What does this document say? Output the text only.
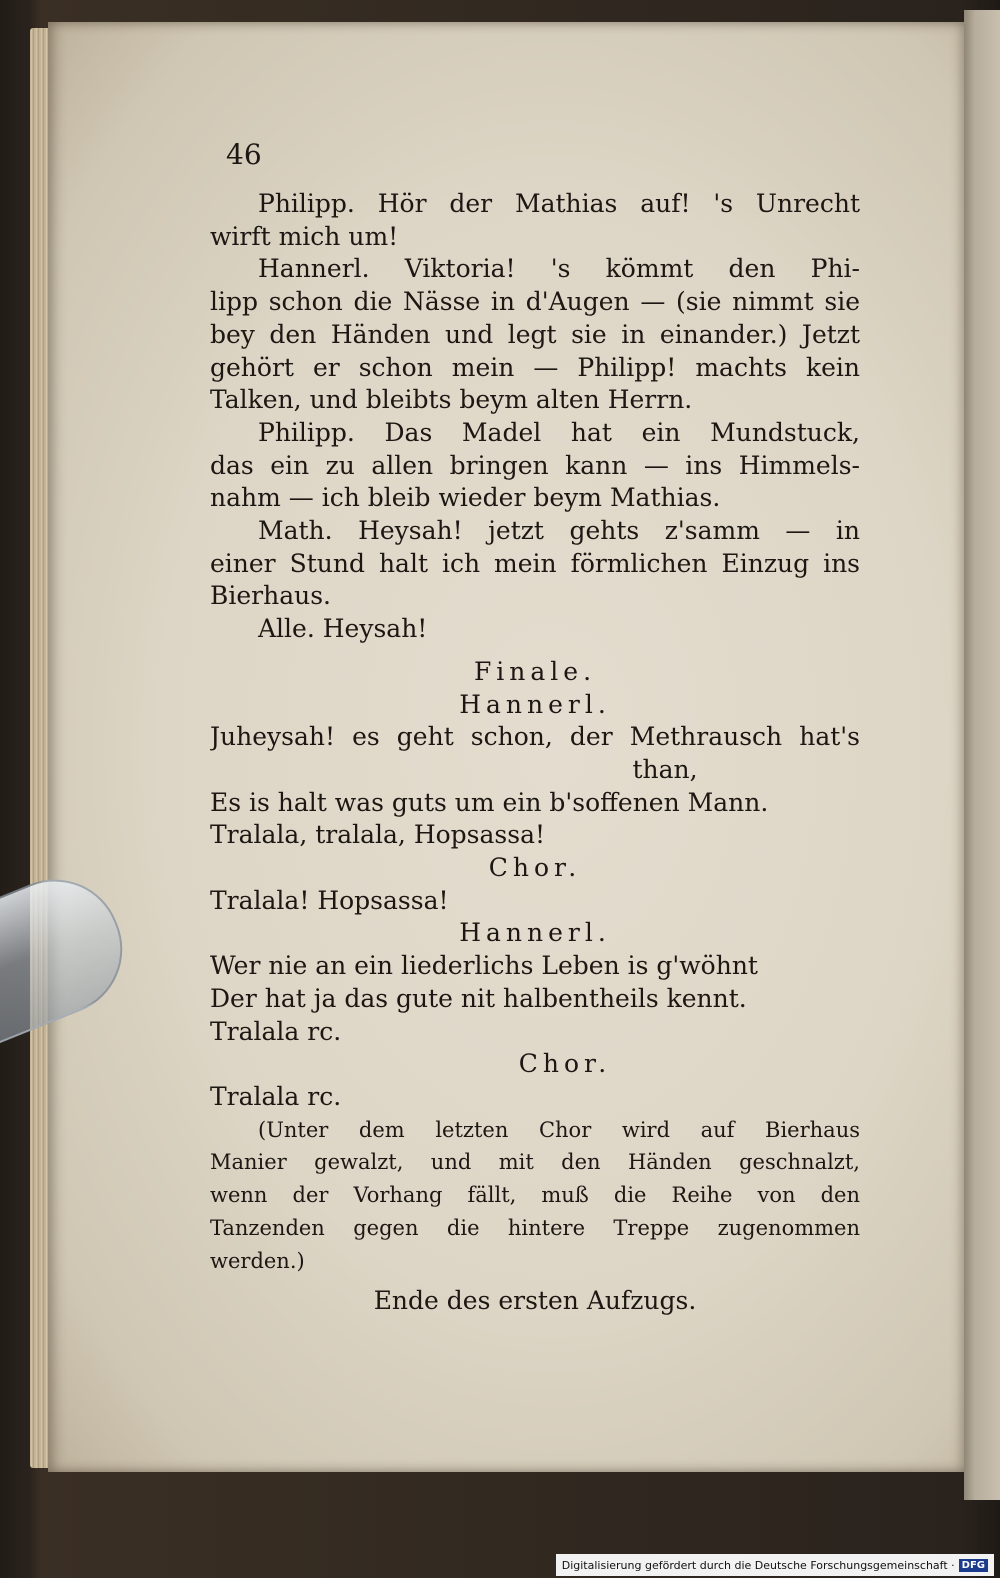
46
Philipp. Hör der Mathias auf! 's Unrecht
wirft mich um!
Hannerl. Viktoria! 's kömmt den Phi-
lipp schon die Nässe in d'Augen — (sie nimmt sie
bey den Händen und legt sie in einander.) Jetzt
gehört er schon mein — Philipp! machts kein
Talken, und bleibts beym alten Herrn.
Philipp. Das Madel hat ein Mundstuck,
das ein zu allen bringen kann — ins Himmels-
nahm — ich bleib wieder beym Mathias.
Math. Heysah! jetzt gehts z'samm — in
einer Stund halt ich mein förmlichen Einzug ins
Bierhaus.
Alle. Heysah!
Finale.
Hannerl.
Juheysah! es geht schon, der Methrausch hat's
than,
Es is halt was guts um ein b'soffenen Mann.
Tralala, tralala, Hopsassa!
Chor.
Tralala! Hopsassa!
Hannerl.
Wer nie an ein liederlichs Leben is g'wöhnt
Der hat ja das gute nit halbentheils kennt.
Tralala rc.
Chor.
Tralala rc.
(Unter dem letzten Chor wird auf Bierhaus
Manier gewalzt, und mit den Händen geschnalzt,
wenn der Vorhang fällt, muß die Reihe von den
Tanzenden gegen die hintere Treppe zugenommen
werden.)
Ende des ersten Aufzugs.
Digitalisierung gefördert durch die Deutsche Forschungsgemeinschaft · DFG
